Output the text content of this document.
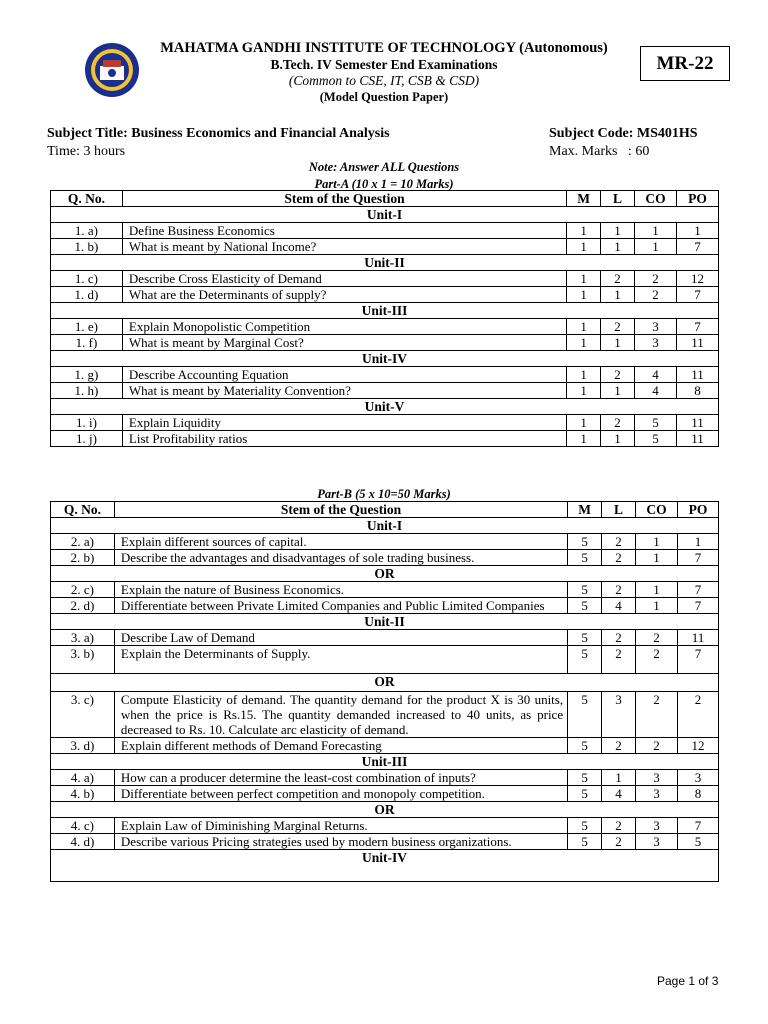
MAHATMA GANDHI INSTITUTE OF TECHNOLOGY (Autonomous)
B.Tech. IV Semester End Examinations
(Common to CSE, IT, CSB & CSD)
(Model Question Paper)
MR-22
Subject Title: Business Economics and Financial Analysis	Subject Code: MS401HS
Time: 3 hours	Max. Marks   : 60
Note: Answer ALL Questions
Part-A (10 x 1 = 10 Marks)
Q. No.	Stem of the Question	M	L	CO	PO
Unit-I					
1. a)	Define Business Economics	1	1	1	1
1. b)	What is meant by National Income?	1	1	1	7
Unit-II					
1. c)	Describe Cross Elasticity of Demand	1	2	2	12
1. d)	What are the Determinants of supply?	1	1	2	7
Unit-III					
1. e)	Explain Monopolistic Competition	1	2	3	7
1. f)	What is meant by Marginal Cost?	1	1	3	11
Unit-IV					
1. g)	Describe Accounting Equation	1	2	4	11
1. h)	What is meant by Materiality Convention?	1	1	4	8
Unit-V					
1. i)	Explain Liquidity	1	2	5	11
1. j)	List Profitability ratios	1	1	5	11
Part-B (5 x 10=50 Marks)
Q. No.	Stem of the Question	M	L	CO	PO
Unit-I					
2. a)	Explain different sources of capital.	5	2	1	1
2. b)	Describe the advantages and disadvantages of sole trading business.	5	2	1	7
OR					
2. c)	Explain the nature of Business Economics.	5	2	1	7
2. d)	Differentiate between Private Limited Companies and Public Limited Companies	5	4	1	7
Unit-II					
3. a)	Describe Law of Demand	5	2	2	11
3. b)	Explain the Determinants of Supply.	5	2	2	7
OR					
3. c)	Compute Elasticity of demand. The quantity demand for the product X is 30 units, when the price is Rs.15. The quantity demanded increased to 40 units, as price decreased to Rs. 10. Calculate arc elasticity of demand.	5	3	2	2
3. d)	Explain different methods of Demand Forecasting	5	2	2	12
Unit-III					
4. a)	How can a producer determine the least-cost combination of inputs?	5	1	3	3
4. b)	Differentiate between perfect competition and monopoly competition.	5	4	3	8
OR					
4. c)	Explain Law of Diminishing Marginal Returns.	5	2	3	7
4. d)	Describe various Pricing strategies used by modern business organizations.	5	2	3	5
Unit-IV					
Page 1 of 3
